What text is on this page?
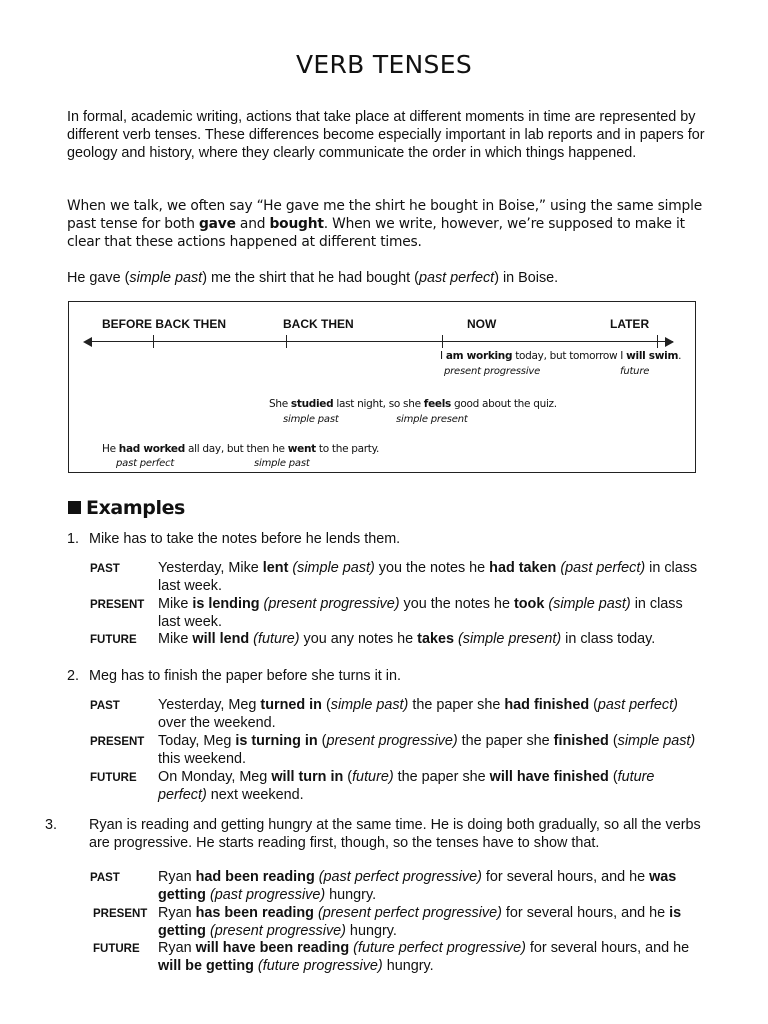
VERB TENSES
In formal, academic writing, actions that take place at different moments in time are represented by different verb tenses. These differences become especially important in lab reports and in papers for geology and history, where they clearly communicate the order in which things happened.
When we talk, we often say “He gave me the shirt he bought in Boise,” using the same simple past tense for both gave and bought. When we write, however, we’re supposed to make it clear that these actions happened at different times.
He gave (simple past) me the shirt that he had bought (past perfect) in Boise.
BEFORE BACK THEN	BACK THEN	NOW	LATER
I am working today, but tomorrow I will swim.
present progressive	future
She studied last night, so she feels good about the quiz.
simple past	simple present
He had worked all day, but then he went to the party.
past perfect	simple past
Examples
1. Mike has to take the notes before he lends them.
PAST	Yesterday, Mike lent (simple past) you the notes he had taken (past perfect) in class last week.
PRESENT Mike is lending (present progressive) you the notes he took (simple past) in class last week.
FUTURE	Mike will lend (future) you any notes he takes (simple present) in class today.
2. Meg has to finish the paper before she turns it in.
PAST	Yesterday, Meg turned in (simple past) the paper she had finished (past perfect) over the weekend.
PRESENT Today, Meg is turning in (present progressive) the paper she finished (simple past) this weekend.
FUTURE	On Monday, Meg will turn in (future) the paper she will have finished (future perfect) next weekend.
3. Ryan is reading and getting hungry at the same time. He is doing both gradually, so all the verbs are progressive. He starts reading first, though, so the tenses have to show that.
PAST	Ryan had been reading (past perfect progressive) for several hours, and he was getting (past progressive) hungry.
PRESENT Ryan has been reading (present perfect progressive) for several hours, and he is getting (present progressive) hungry.
FUTURE	Ryan will have been reading (future perfect progressive) for several hours, and he will be getting (future progressive) hungry.
